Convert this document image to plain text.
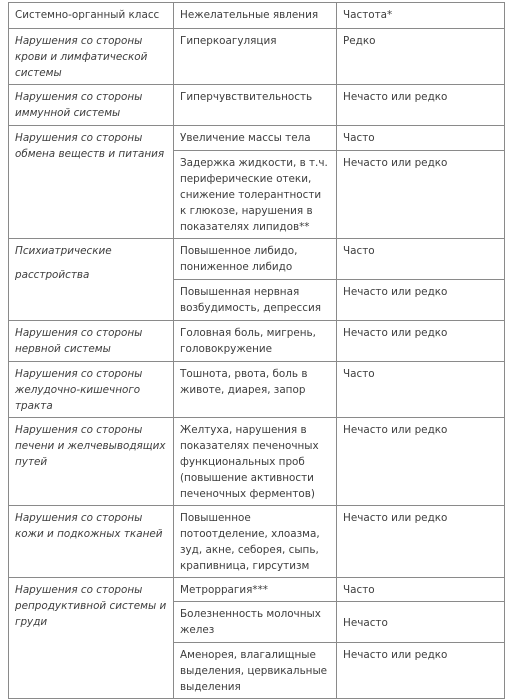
Системно-органный класс	Нежелательные явления	Частота*
Нарушения со стороны крови и лимфатической системы	Гиперкоагуляция	Редко
Нарушения со стороны иммунной системы	Гиперчувствительность	Нечасто или редко
Нарушения со стороны обмена веществ и питания	Увеличение массы тела	Часто
	Задержка жидкости, в т.ч. периферические отеки, снижение толерантности к глюкозе, нарушения в показателях липидов**	Нечасто или редко
Психиатрические
расстройства	Повышенное либидо, пониженное либидо	Часто
	Повышенная нервная возбудимость, депрессия	Нечасто или редко
Нарушения со стороны нервной системы	Головная боль, мигрень, головокружение	Нечасто или редко
Нарушения со стороны желудочно-кишечного тракта	Тошнота, рвота, боль в животе, диарея, запор	Часто
Нарушения со стороны печени и желчевыводящих путей	Желтуха, нарушения в показателях печеночных функциональных проб (повышение активности печеночных ферментов)	Нечасто или редко
Нарушения со стороны кожи и подкожных тканей	Повышенное потоотделение, хлоазма, зуд, акне, себорея, сыпь, крапивница, гирсутизм	Нечасто или редко
Нарушения со стороны репродуктивной системы и груди	Метроррагия***	Часто
	Болезненность молочных желез	Нечасто
	Аменорея, влагалищные выделения, цервикальные выделения	Нечасто или редко
